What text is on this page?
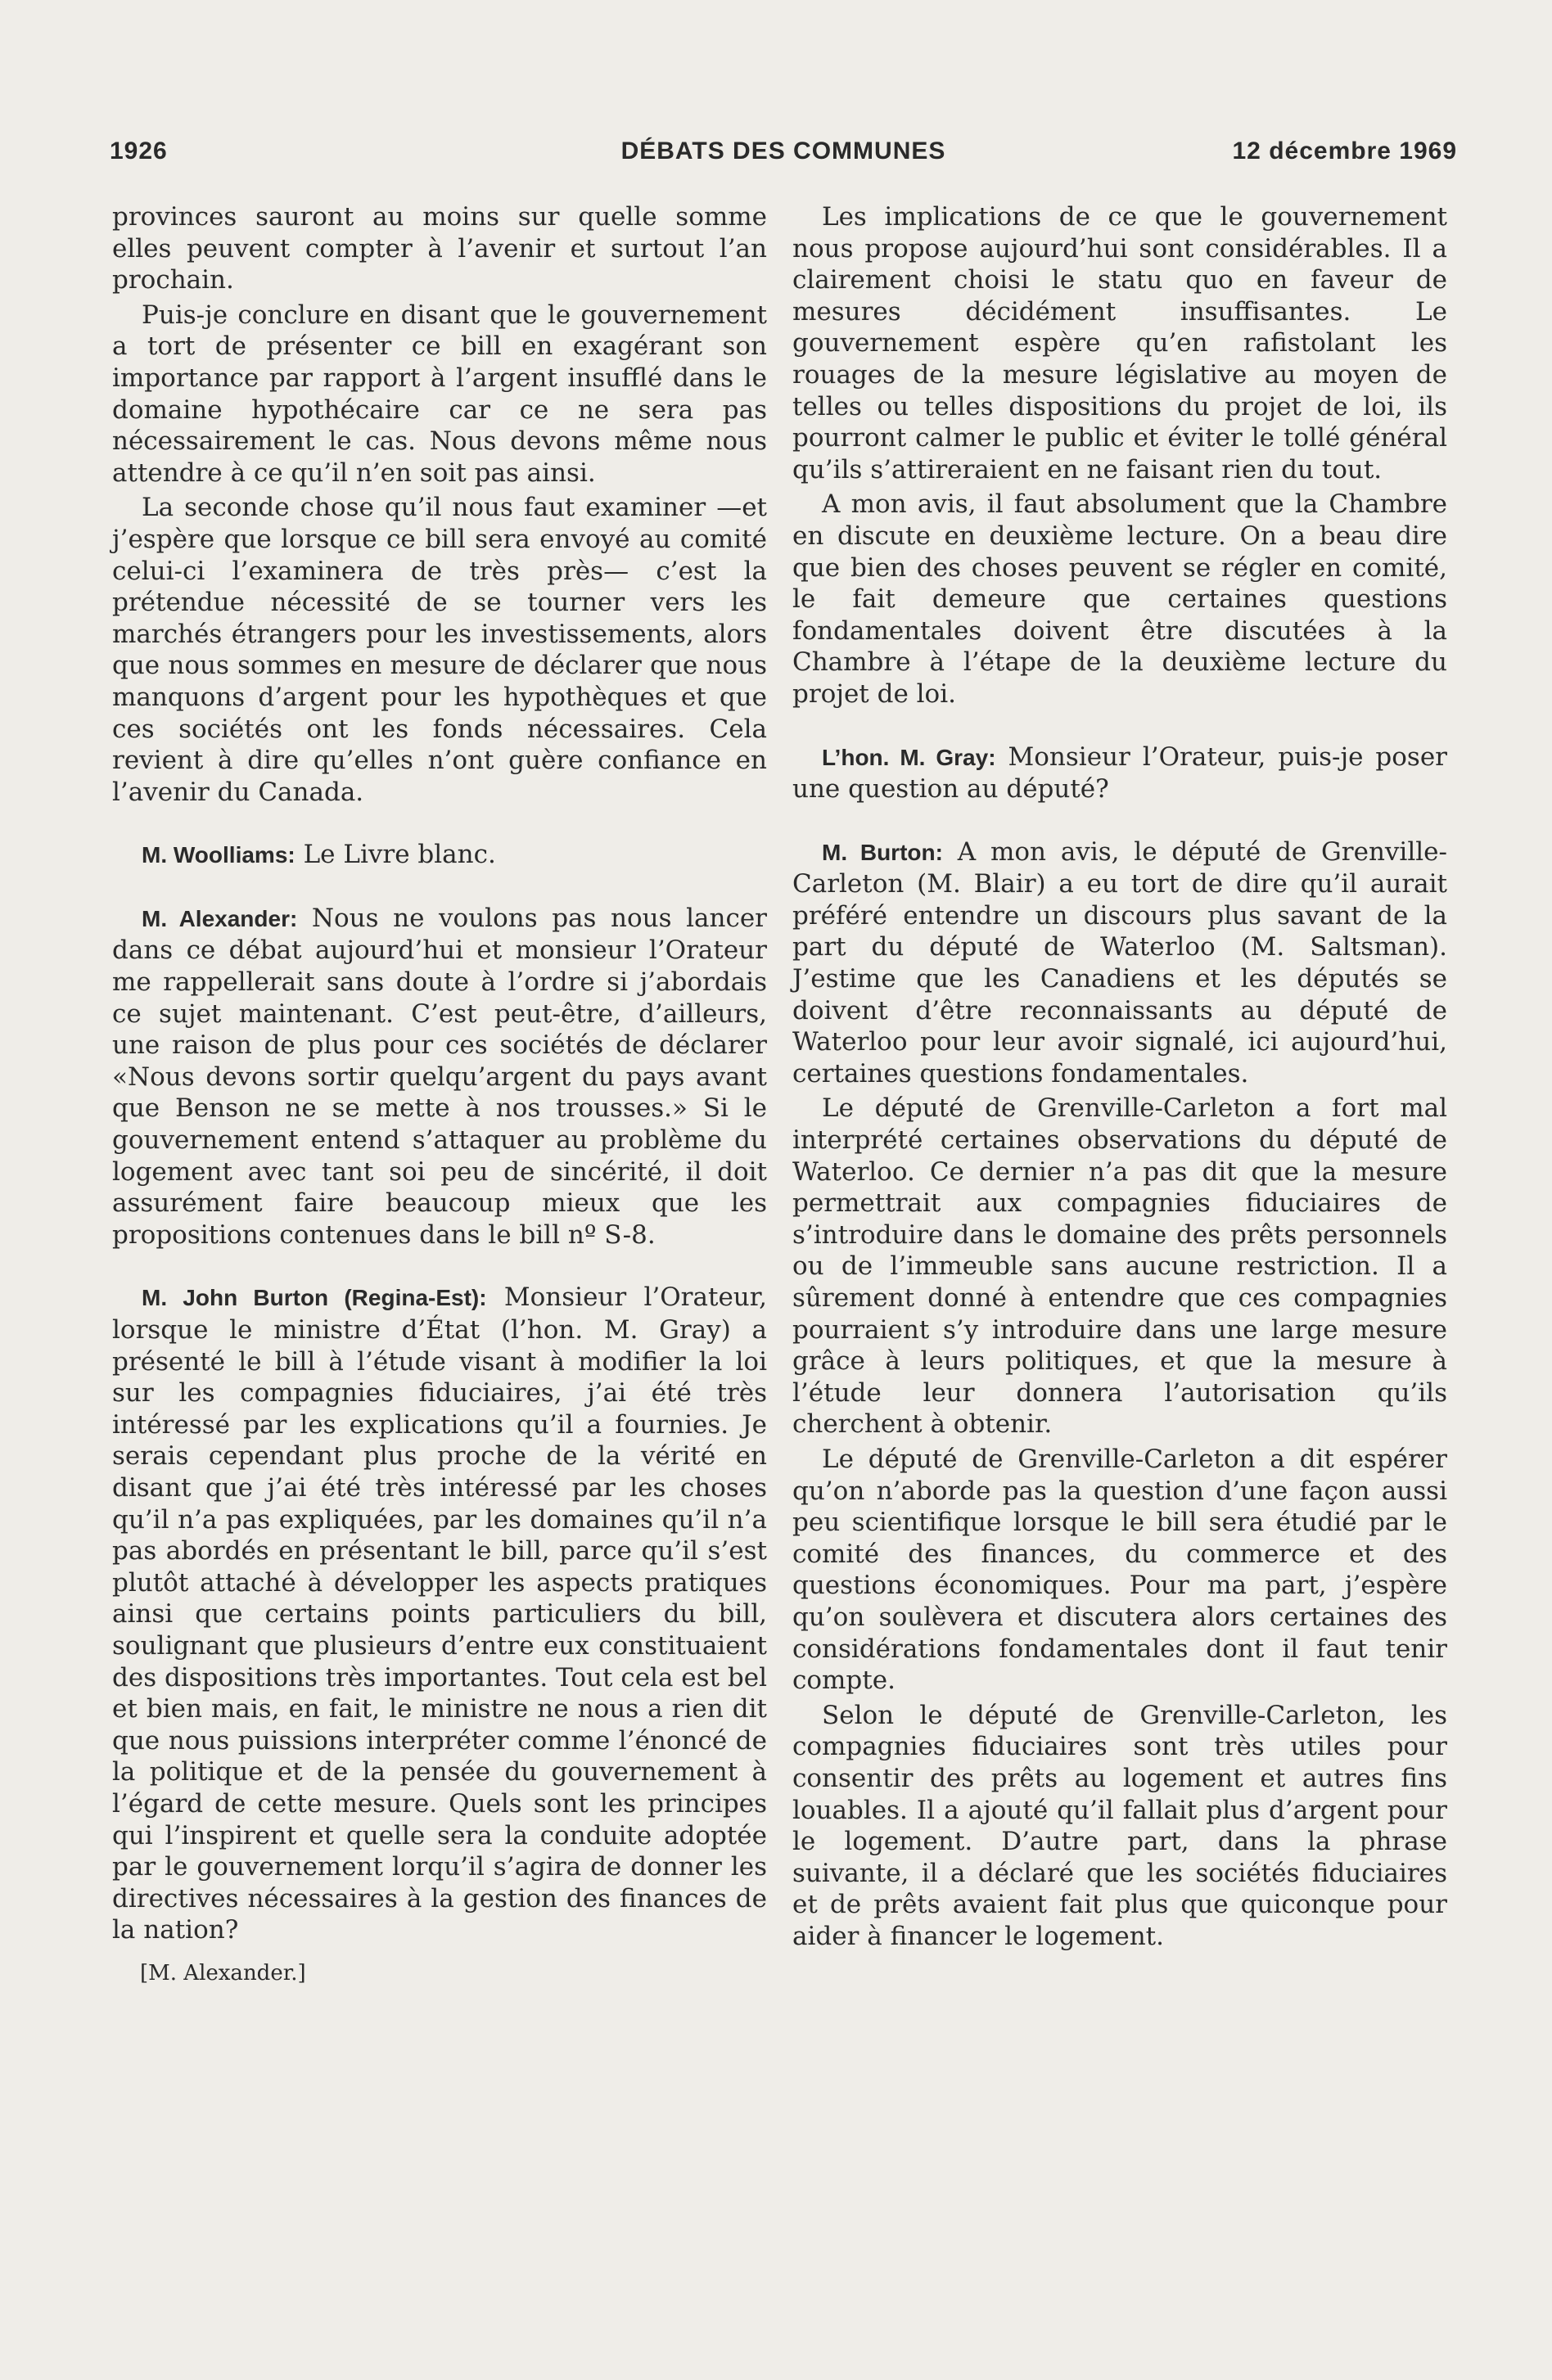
1926	DÉBATS DES COMMUNES	12 décembre 1969

provinces sauront au moins sur quelle somme elles peuvent compter à l’avenir et surtout l’an prochain.

Puis-je conclure en disant que le gouvernement a tort de présenter ce bill en exagérant son importance par rapport à l’argent insufflé dans le domaine hypothécaire car ce ne sera pas nécessairement le cas. Nous devons même nous attendre à ce qu’il n’en soit pas ainsi.

La seconde chose qu’il nous faut examiner —et j’espère que lorsque ce bill sera envoyé au comité celui-ci l’examinera de très près— c’est la prétendue nécessité de se tourner vers les marchés étrangers pour les investissements, alors que nous sommes en mesure de déclarer que nous manquons d’argent pour les hypothèques et que ces sociétés ont les fonds nécessaires. Cela revient à dire qu’elles n’ont guère confiance en l’avenir du Canada.

M. Woolliams: Le Livre blanc.

M. Alexander: Nous ne voulons pas nous lancer dans ce débat aujourd’hui et monsieur l’Orateur me rappellerait sans doute à l’ordre si j’abordais ce sujet maintenant. C’est peut-être, d’ailleurs, une raison de plus pour ces sociétés de déclarer «Nous devons sortir quelqu’argent du pays avant que Benson ne se mette à nos trousses.» Si le gouvernement entend s’attaquer au problème du logement avec tant soi peu de sincérité, il doit assurément faire beaucoup mieux que les propositions contenues dans le bill nº S-8.

M. John Burton (Regina-Est): Monsieur l’Orateur, lorsque le ministre d’État (l’hon. M. Gray) a présenté le bill à l’étude visant à modifier la loi sur les compagnies fiduciaires, j’ai été très intéressé par les explications qu’il a fournies. Je serais cependant plus proche de la vérité en disant que j’ai été très intéressé par les choses qu’il n’a pas expliquées, par les domaines qu’il n’a pas abordés en présentant le bill, parce qu’il s’est plutôt attaché à développer les aspects pratiques ainsi que certains points particuliers du bill, soulignant que plusieurs d’entre eux constituaient des dispositions très importantes. Tout cela est bel et bien mais, en fait, le ministre ne nous a rien dit que nous puissions interpréter comme l’énoncé de la politique et de la pensée du gouvernement à l’égard de cette mesure. Quels sont les principes qui l’inspirent et quelle sera la conduite adoptée par le gouvernement lorqu’il s’agira de donner les directives nécessaires à la gestion des finances de la nation?

[M. Alexander.]

Les implications de ce que le gouvernement nous propose aujourd’hui sont considérables. Il a clairement choisi le statu quo en faveur de mesures décidément insuffisantes. Le gouvernement espère qu’en rafistolant les rouages de la mesure législative au moyen de telles ou telles dispositions du projet de loi, ils pourront calmer le public et éviter le tollé général qu’ils s’attireraient en ne faisant rien du tout.

A mon avis, il faut absolument que la Chambre en discute en deuxième lecture. On a beau dire que bien des choses peuvent se régler en comité, le fait demeure que certaines questions fondamentales doivent être discutées à la Chambre à l’étape de la deuxième lecture du projet de loi.

L’hon. M. Gray: Monsieur l’Orateur, puis-je poser une question au député?

M. Burton: A mon avis, le député de Grenville-Carleton (M. Blair) a eu tort de dire qu’il aurait préféré entendre un discours plus savant de la part du député de Waterloo (M. Saltsman). J’estime que les Canadiens et les députés se doivent d’être reconnaissants au député de Waterloo pour leur avoir signalé, ici aujourd’hui, certaines questions fondamentales.

Le député de Grenville-Carleton a fort mal interprété certaines observations du député de Waterloo. Ce dernier n’a pas dit que la mesure permettrait aux compagnies fiduciaires de s’introduire dans le domaine des prêts personnels ou de l’immeuble sans aucune restriction. Il a sûrement donné à entendre que ces compagnies pourraient s’y introduire dans une large mesure grâce à leurs politiques, et que la mesure à l’étude leur donnera l’autorisation qu’ils cherchent à obtenir.

Le député de Grenville-Carleton a dit espérer qu’on n’aborde pas la question d’une façon aussi peu scientifique lorsque le bill sera étudié par le comité des finances, du commerce et des questions économiques. Pour ma part, j’espère qu’on soulèvera et discutera alors certaines des considérations fondamentales dont il faut tenir compte.

Selon le député de Grenville-Carleton, les compagnies fiduciaires sont très utiles pour consentir des prêts au logement et autres fins louables. Il a ajouté qu’il fallait plus d’argent pour le logement. D’autre part, dans la phrase suivante, il a déclaré que les sociétés fiduciaires et de prêts avaient fait plus que quiconque pour aider à financer le logement.
